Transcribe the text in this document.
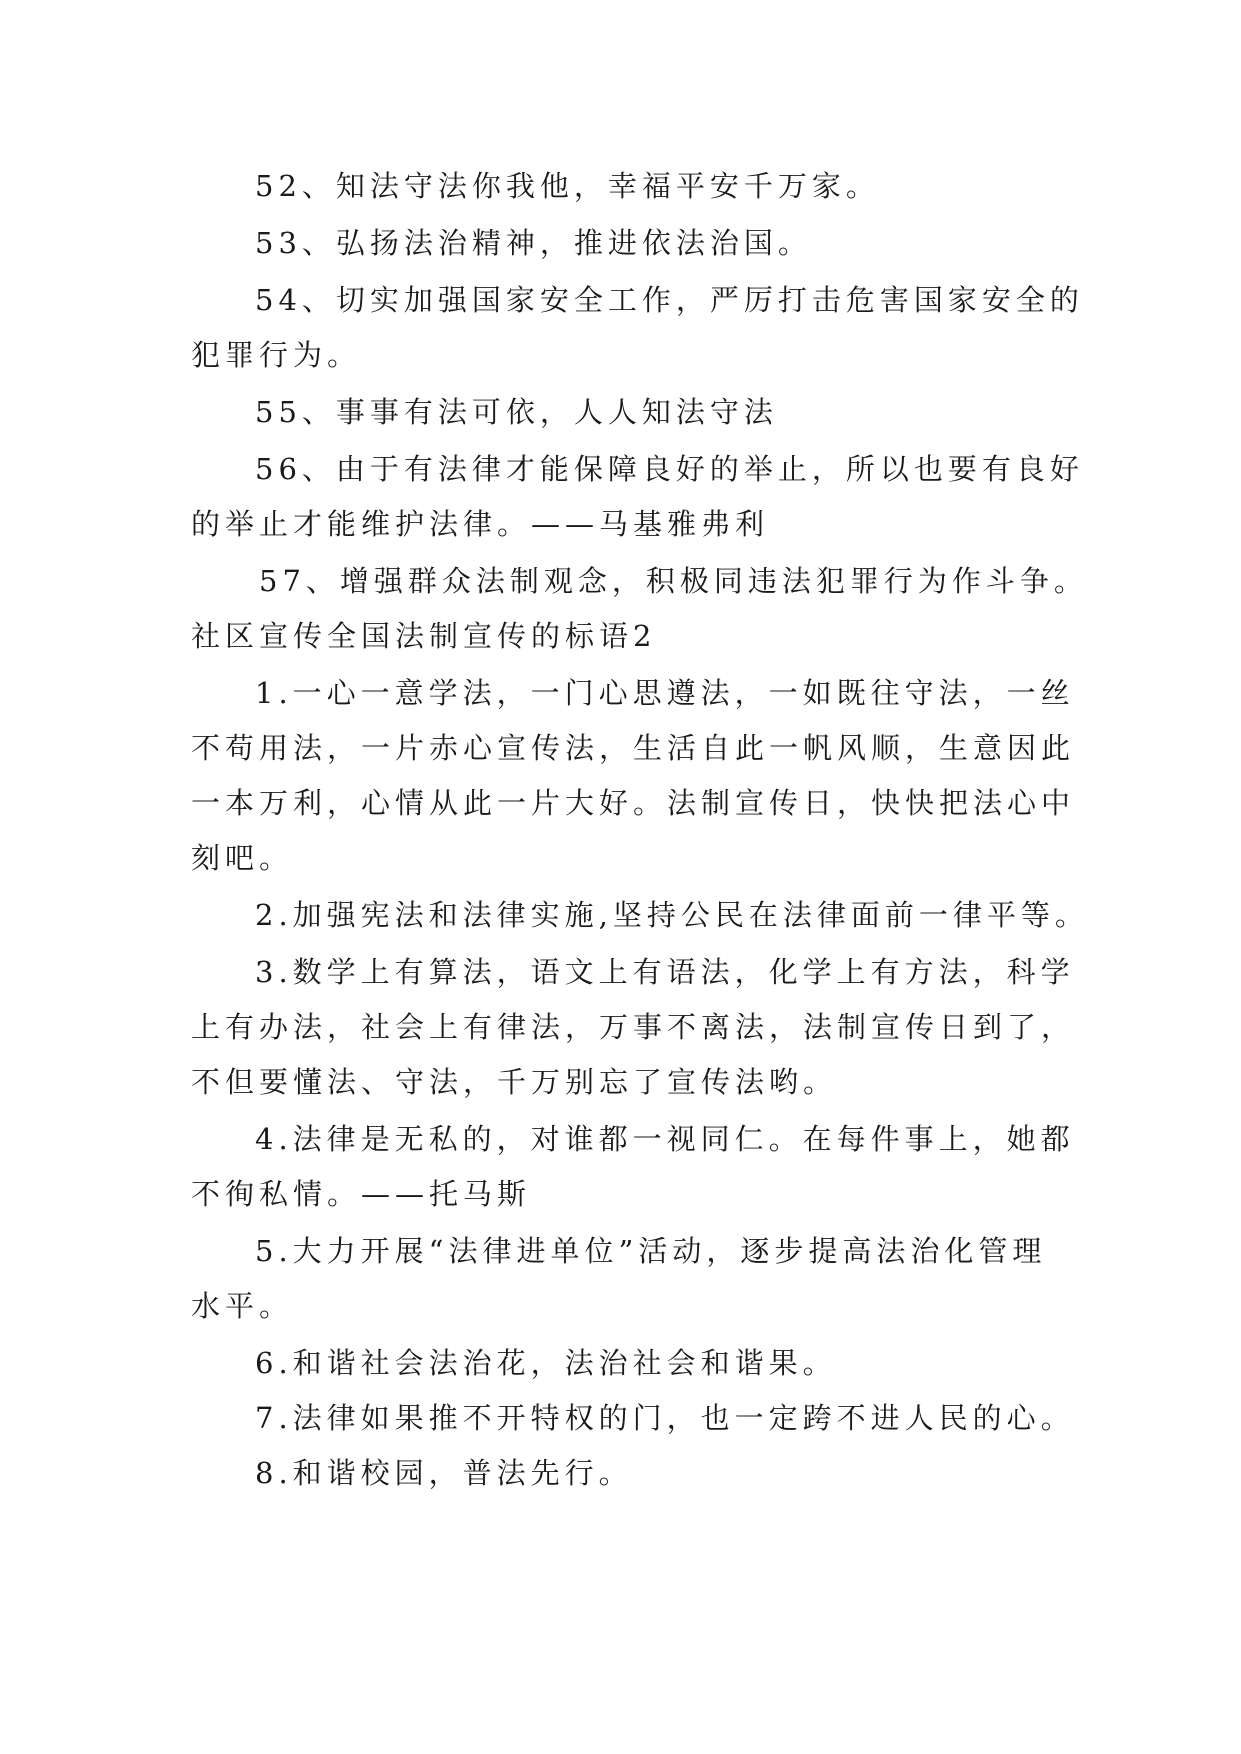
52、知法守法你我他，幸福平安千万家。

53、弘扬法治精神，推进依法治国。

54、切实加强国家安全工作，严厉打击危害国家安全的

犯罪行为。

55、事事有法可依，人人知法守法

56、由于有法律才能保障良好的举止，所以也要有良好

的举止才能维护法律。——马基雅弗利

57、增强群众法制观念，积极同违法犯罪行为作斗争。

社区宣传全国法制宣传的标语2

1.一心一意学法，一门心思遵法，一如既往守法，一丝

不苟用法，一片赤心宣传法，生活自此一帆风顺，生意因此

一本万利，心情从此一片大好。法制宣传日，快快把法心中

刻吧。

2.加强宪法和法律实施,坚持公民在法律面前一律平等。

3.数学上有算法，语文上有语法，化学上有方法，科学

上有办法，社会上有律法，万事不离法，法制宣传日到了，

不但要懂法、守法，千万别忘了宣传法哟。

4.法律是无私的，对谁都一视同仁。在每件事上，她都

不徇私情。——托马斯

5.大力开展“法律进单位”活动，逐步提高法治化管理

水平。

6.和谐社会法治花，法治社会和谐果。

7.法律如果推不开特权的门，也一定跨不进人民的心。

8.和谐校园，普法先行。
